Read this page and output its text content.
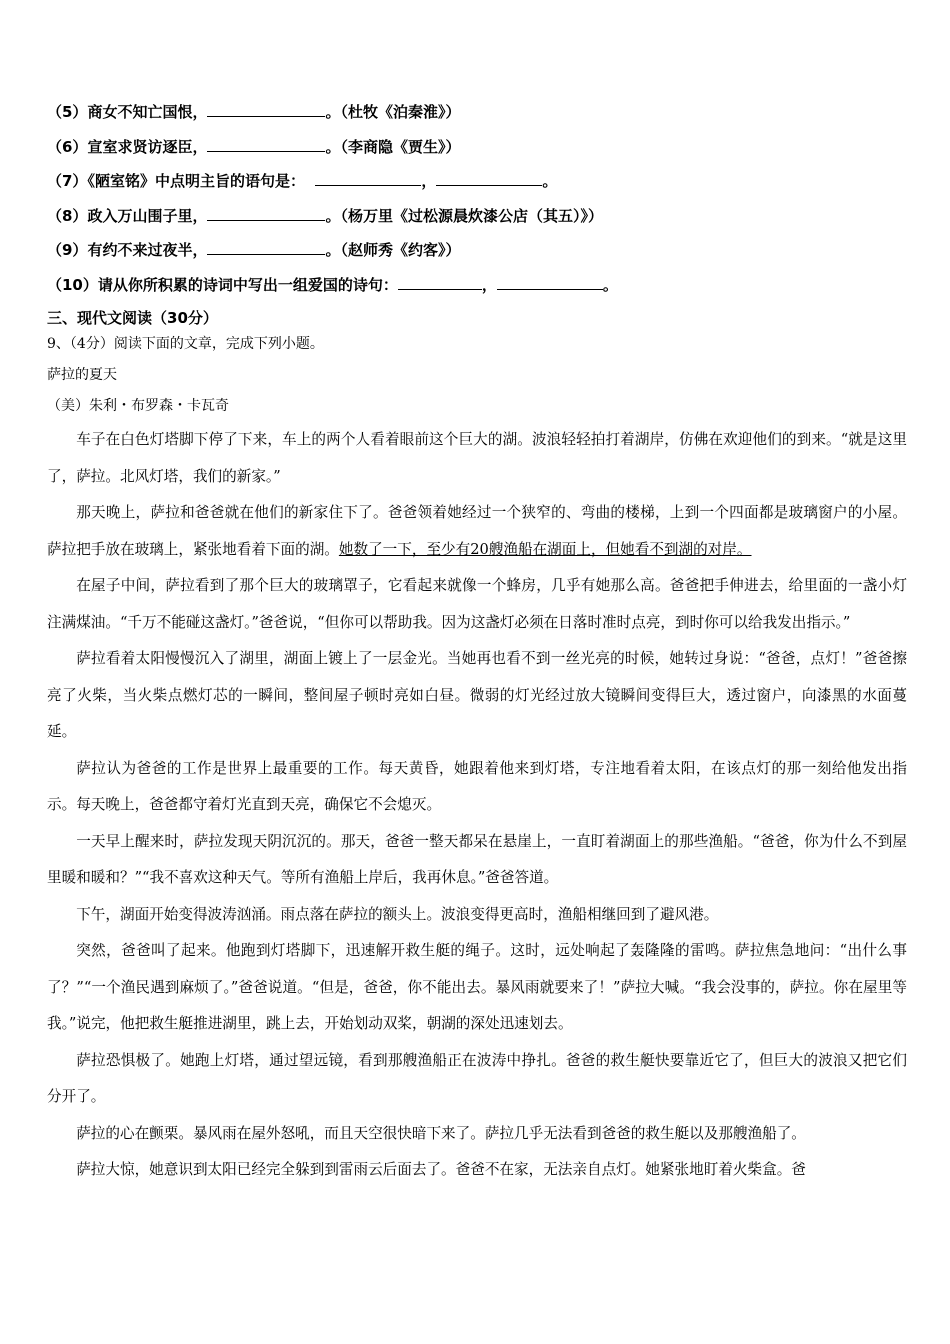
（5）商女不知亡国恨，	。（杜牧《泊秦淮》）
（6）宣室求贤访逐臣，	。（李商隐《贾生》）
（7）《陋室铭》中点明主旨的语句是：	，	。
（8）政入万山围子里，	。（杨万里《过松源晨炊漆公店（其五）》）
（9）有约不来过夜半，	。（赵师秀《约客》）
（10）请从你所积累的诗词中写出一组爱国的诗句：	，	。
三、现代文阅读（30分）
9、（4分）阅读下面的文章，完成下列小题。
萨拉的夏天
（美）朱利・布罗森・卡瓦奇

车子在白色灯塔脚下停了下来，车上的两个人看着眼前这个巨大的湖。波浪轻轻拍打着湖岸，仿佛在欢迎他们的到来。“就是这里了，萨拉。北风灯塔，我们的新家。”

那天晚上，萨拉和爸爸就在他们的新家住下了。爸爸领着她经过一个狭窄的、弯曲的楼梯，上到一个四面都是玻璃窗户的小屋。萨拉把手放在玻璃上，紧张地看着下面的湖。她数了一下，至少有20艘渔船在湖面上，但她看不到湖的对岸。

在屋子中间，萨拉看到了那个巨大的玻璃罩子，它看起来就像一个蜂房，几乎有她那么高。爸爸把手伸进去，给里面的一盏小灯注满煤油。“千万不能碰这盏灯。”爸爸说，“但你可以帮助我。因为这盏灯必须在日落时准时点亮，到时你可以给我发出指示。”

萨拉看着太阳慢慢沉入了湖里，湖面上镀上了一层金光。当她再也看不到一丝光亮的时候，她转过身说：“爸爸，点灯！”爸爸擦亮了火柴，当火柴点燃灯芯的一瞬间，整间屋子顿时亮如白昼。微弱的灯光经过放大镜瞬间变得巨大，透过窗户，向漆黑的水面蔓延。

萨拉认为爸爸的工作是世界上最重要的工作。每天黄昏，她跟着他来到灯塔，专注地看着太阳，在该点灯的那一刻给他发出指示。每天晚上，爸爸都守着灯光直到天亮，确保它不会熄灭。

一天早上醒来时，萨拉发现天阴沉沉的。那天，爸爸一整天都呆在悬崖上，一直盯着湖面上的那些渔船。“爸爸，你为什么不到屋里暖和暖和？”“我不喜欢这种天气。等所有渔船上岸后，我再休息。”爸爸答道。

下午，湖面开始变得波涛汹涌。雨点落在萨拉的额头上。波浪变得更高时，渔船相继回到了避风港。

突然，爸爸叫了起来。他跑到灯塔脚下，迅速解开救生艇的绳子。这时，远处响起了轰隆隆的雷鸣。萨拉焦急地问：“出什么事了？”“一个渔民遇到麻烦了。”爸爸说道。“但是，爸爸，你不能出去。暴风雨就要来了！”萨拉大喊。“我会没事的，萨拉。你在屋里等我。”说完，他把救生艇推进湖里，跳上去，开始划动双桨，朝湖的深处迅速划去。

萨拉恐惧极了。她跑上灯塔，通过望远镜，看到那艘渔船正在波涛中挣扎。爸爸的救生艇快要靠近它了，但巨大的波浪又把它们分开了。

萨拉的心在颤栗。暴风雨在屋外怒吼，而且天空很快暗下来了。萨拉几乎无法看到爸爸的救生艇以及那艘渔船了。

萨拉大惊，她意识到太阳已经完全躲到到雷雨云后面去了。爸爸不在家，无法亲自点灯。她紧张地盯着火柴盒。爸
